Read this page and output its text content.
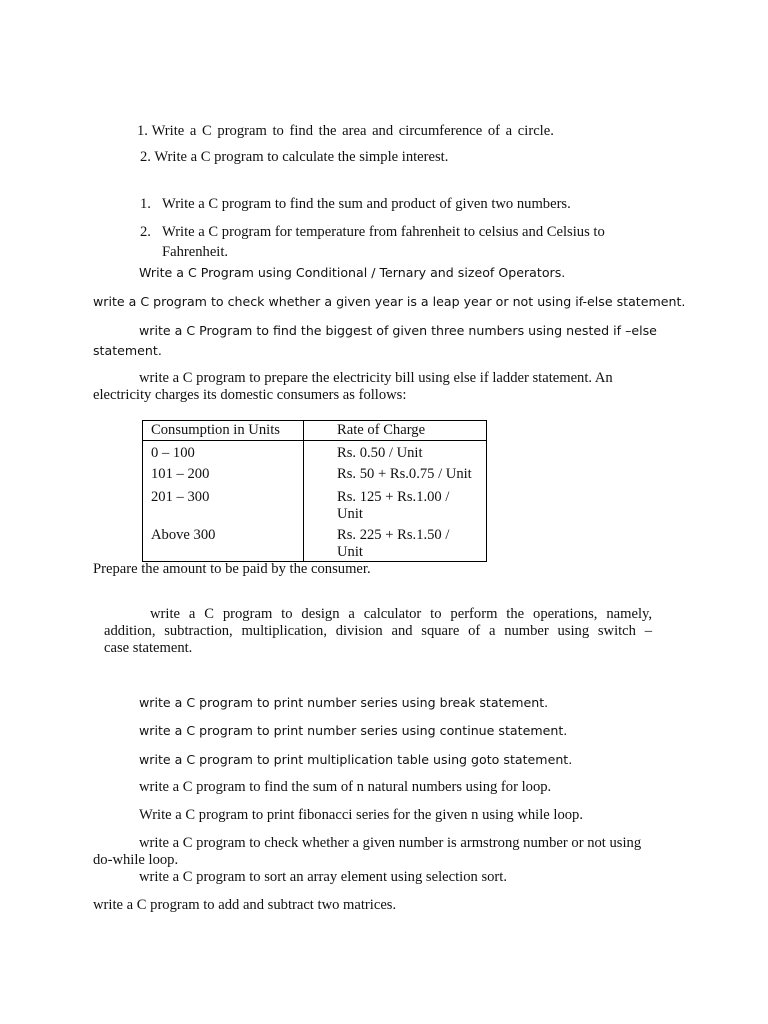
1. Write a C program to find the area and circumference of a circle.
2. Write a C program to calculate the simple interest.
1. Write a C program to find the sum and product of given two numbers.
2. Write a C program for temperature from fahrenheit to celsius and Celsius to
Fahrenheit.
Write a C Program using Conditional / Ternary and sizeof Operators.
write a C program to check whether a given year is a leap year or not using if-else statement.
write a C Program to find the biggest of given three numbers using nested if –else
statement.
write a C program to prepare the electricity bill using else if ladder statement. An
electricity charges its domestic consumers as follows:
Consumption in Units	Rate of Charge
0 – 100	Rs. 0.50 / Unit
101 – 200	Rs. 50 + Rs.0.75 / Unit
201 – 300	Rs. 125 + Rs.1.00 /
Unit

Above 300	Rs. 225 + Rs.1.50 /
Unit
Prepare the amount to be paid by the consumer.
write a C program to design a calculator to perform the operations, namely,
addition, subtraction, multiplication, division and square of a number using switch –
case statement.
write a C program to print number series using break statement.
write a C program to print number series using continue statement.
write a C program to print multiplication table using goto statement.
write a C program to find the sum of n natural numbers using for loop.
Write a C program to print fibonacci series for the given n using while loop.
write a C program to check whether a given number is armstrong number or not using
do-while loop.
write a C program to sort an array element using selection sort.
write a C program to add and subtract two matrices.
